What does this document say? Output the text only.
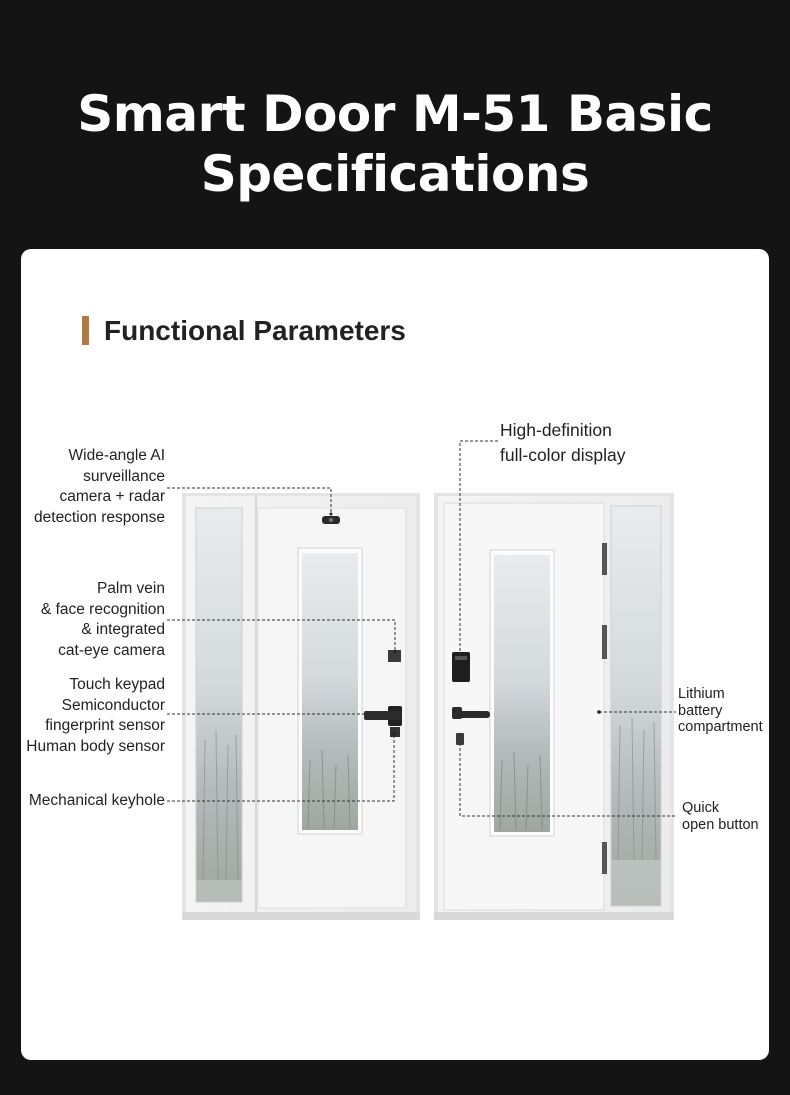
Smart Door M-51 Basic
Specifications
Functional Parameters
Wide-angle AI
surveillance
camera + radar
detection response
Palm vein
& face recognition
& integrated
cat-eye camera
Touch keypad
Semiconductor
fingerprint sensor
Human body sensor
Mechanical keyhole
High-definition
full-color display
Lithium
battery
compartment
Quick
open button
